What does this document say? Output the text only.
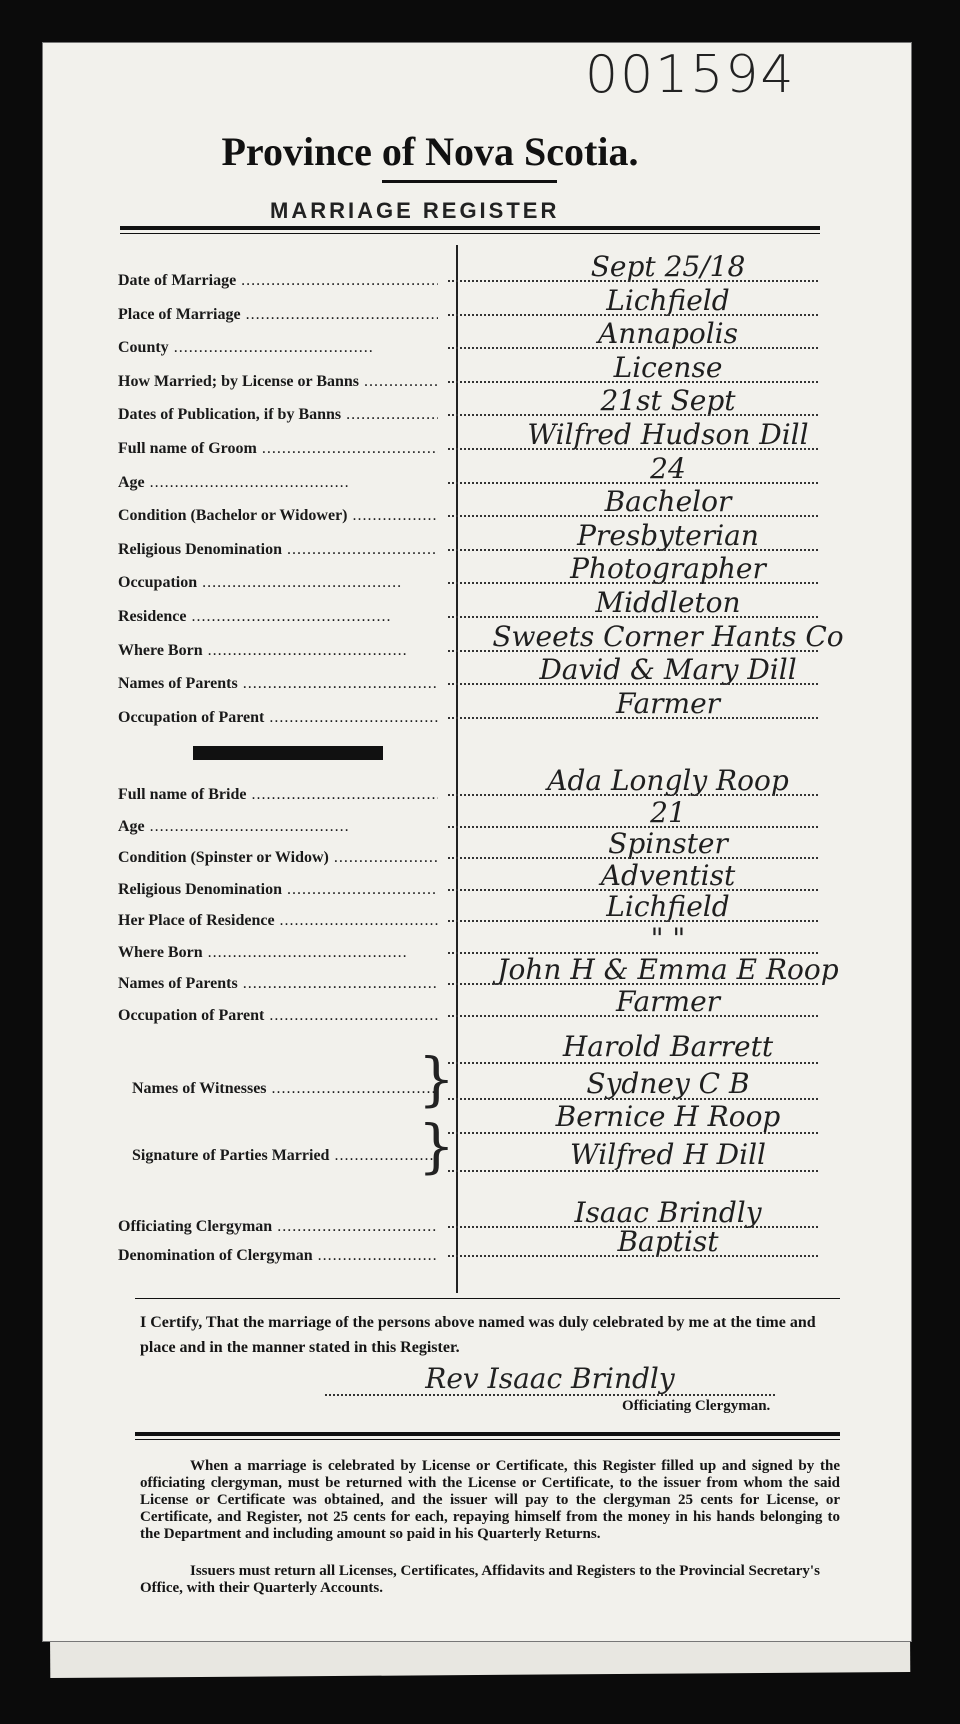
001594
Province of Nova Scotia.
MARRIAGE REGISTER
Date of Marriage .....	Sept 25/18
Place of Marriage .....	Lichfield
County .....	Annapolis
How Married; by License or Banns .....	License
Dates of Publication, if by Banns .....	21st Sept
Full name of Groom .....	Wilfred Hudson Dill
Age .....	24
Condition (Bachelor or Widower) .....	Bachelor
Religious Denomination .....	Presbyterian
Occupation .....	Photographer
Residence .....	Middleton
Where Born .....	Sweets Corner Hants Co
Names of Parents .....	David & Mary Dill
Occupation of Parent .....	Farmer
Full name of Bride .....	Ada Longly Roop
Age .....	21
Condition (Spinster or Widow) .....	Spinster
Religious Denomination .....	Adventist
Her Place of Residence .....	Lichfield
Where Born .....	" "
Names of Parents .....	John H & Emma E Roop
Occupation of Parent .....	Farmer
Names of Witnesses .....	}	Harold Barrett
Sydney C B
Signature of Parties Married .....	}	Bernice H Roop
Wilfred H Dill
Officiating Clergyman .....	Isaac Brindly
Denomination of Clergyman .....	Baptist
I Certify, That the marriage of the persons above named was duly celebrated by me at the time and place and in the manner stated in this Register.
Rev Isaac Brindly
Officiating Clergyman.
When a marriage is celebrated by License or Certificate, this Register filled up and signed by the officiating clergyman, must be returned with the License or Certificate, to the issuer from whom the said License or Certificate was obtained, and the issuer will pay to the clergyman 25 cents for License, or Certificate, and Register, not 25 cents for each, repaying himself from the money in his hands belonging to the Department and including amount so paid in his Quarterly Returns.
Issuers must return all Licenses, Certificates, Affidavits and Registers to the Provincial Secretary's Office, with their Quarterly Accounts.
